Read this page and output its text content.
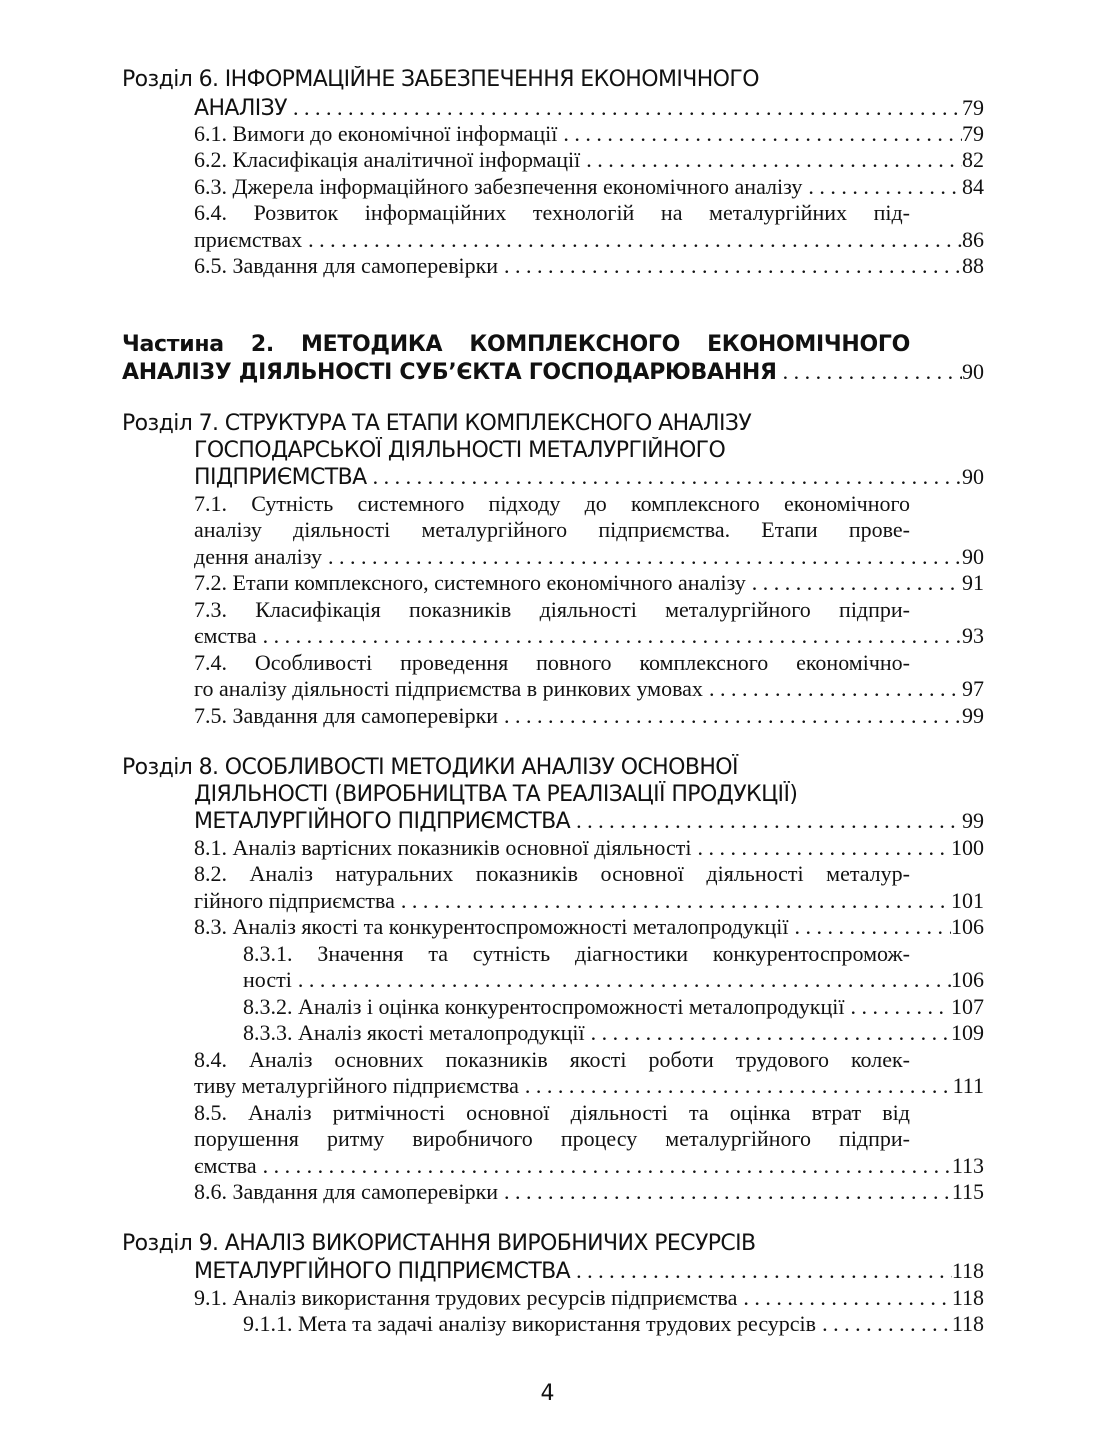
Розділ 6. ІНФОРМАЦІЙНЕ ЗАБЕЗПЕЧЕННЯ ЕКОНОМІЧНОГО
АНАЛІЗУ . . .	79
6.1. Вимоги до економічної інформації . . .	79
6.2. Класифікація аналітичної інформації . . .	82
6.3. Джерела інформаційного забезпечення економічного аналізу . . .	84
6.4. Розвиток інформаційних технологій на металургійних під-
приємствах . . .	86
6.5. Завдання для самоперевірки . . .	88
Частина 2. МЕТОДИКА КОМПЛЕКСНОГО ЕКОНОМІЧНОГО
АНАЛІЗУ ДІЯЛЬНОСТІ СУБ’ЄКТА ГОСПОДАРЮВАННЯ . . .	90
Розділ 7. СТРУКТУРА ТА ЕТАПИ КОМПЛЕКСНОГО АНАЛІЗУ
ГОСПОДАРСЬКОЇ ДІЯЛЬНОСТІ МЕТАЛУРГІЙНОГО
ПІДПРИЄМСТВА . . .	90
7.1. Сутність системного підходу до комплексного економічного
аналізу діяльності металургійного підприємства. Етапи прове-
дення аналізу . . .	90
7.2. Етапи комплексного, системного економічного аналізу . . .	91
7.3. Класифікація показників діяльності металургійного підпри-
ємства . . .	93
7.4. Особливості проведення повного комплексного економічно-
го аналізу діяльності підприємства в ринкових умовах . . .	97
7.5. Завдання для самоперевірки . . .	99
Розділ 8. ОСОБЛИВОСТІ МЕТОДИКИ АНАЛІЗУ ОСНОВНОЇ
ДІЯЛЬНОСТІ (ВИРОБНИЦТВА ТА РЕАЛІЗАЦІЇ ПРОДУКЦІЇ)
МЕТАЛУРГІЙНОГО ПІДПРИЄМСТВА . . .	99
8.1. Аналіз вартісних показників основної діяльності . . .	100
8.2. Аналіз натуральних показників основної діяльності металур-
гійного підприємства . . .	101
8.3. Аналіз якості та конкурентоспроможності металопродукції . . .	106
8.3.1. Значення та сутність діагностики конкурентоспромож-
ності . . .	106
8.3.2. Аналіз і оцінка конкурентоспроможності металопродукції . . .	107
8.3.3. Аналіз якості металопродукції . . .	109
8.4. Аналіз основних показників якості роботи трудового колек-
тиву металургійного підприємства . . .	111
8.5. Аналіз ритмічності основної діяльності та оцінка втрат від
порушення ритму виробничого процесу металургійного підпри-
ємства . . .	113
8.6. Завдання для самоперевірки . . .	115
Розділ 9. АНАЛІЗ ВИКОРИСТАННЯ ВИРОБНИЧИХ РЕСУРСІВ
МЕТАЛУРГІЙНОГО ПІДПРИЄМСТВА . . .	118
9.1. Аналіз використання трудових ресурсів підприємства . . .	118
9.1.1. Мета та задачі аналізу використання трудових ресурсів . . .	118
4
